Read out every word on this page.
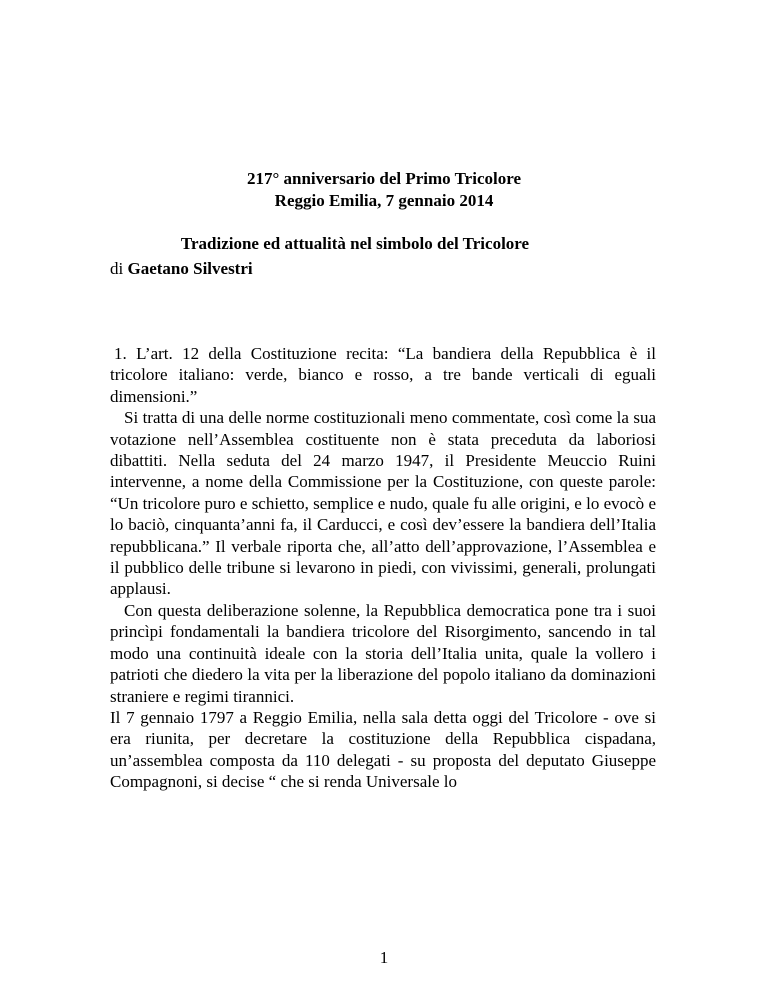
217° anniversario del Primo Tricolore
Reggio Emilia, 7 gennaio 2014
Tradizione ed attualità nel simbolo del Tricolore
di Gaetano Silvestri

1. L’art. 12 della Costituzione recita: “La bandiera della Repubblica è il tricolore italiano: verde, bianco e rosso, a tre bande verticali di eguali dimensioni.”

Si tratta di una delle norme costituzionali meno commentate, così come la sua votazione nell’Assemblea costituente non è stata preceduta da laboriosi dibattiti. Nella seduta del 24 marzo 1947, il Presidente Meuccio Ruini intervenne, a nome della Commissione per la Costituzione, con queste parole: “Un tricolore puro e schietto, semplice e nudo, quale fu alle origini, e lo evocò e lo baciò, cinquanta’anni fa, il Carducci, e così dev’essere la bandiera dell’Italia repubblicana.” Il verbale riporta che, all’atto dell’approvazione, l’Assemblea e il pubblico delle tribune si levarono in piedi, con vivissimi, generali, prolungati applausi.

Con questa deliberazione solenne, la Repubblica democratica pone tra i suoi princìpi fondamentali la bandiera tricolore del Risorgimento, sancendo in tal modo una continuità ideale con la storia dell’Italia unita, quale la vollero i patrioti che diedero la vita per la liberazione del popolo italiano da dominazioni straniere e regimi tirannici.

Il 7 gennaio 1797 a Reggio Emilia, nella sala detta oggi del Tricolore - ove si era riunita, per decretare la costituzione della Repubblica cispadana, un’assemblea composta da 110 delegati - su proposta del deputato Giuseppe Compagnoni, si decise “ che si renda Universale lo

1
